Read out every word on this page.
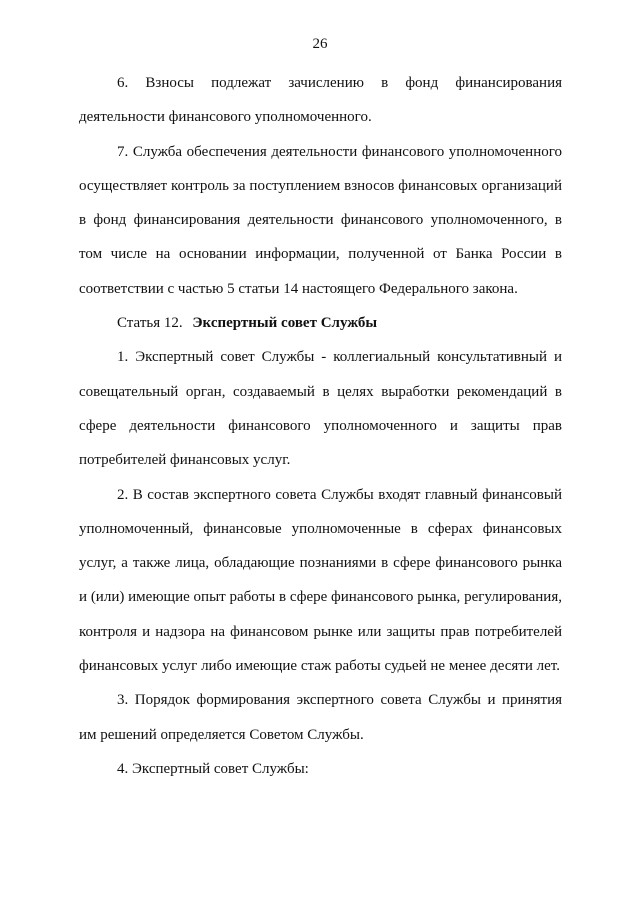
26

6. Взносы подлежат зачислению в фонд финансирования деятельности финансового уполномоченного.

7. Служба обеспечения деятельности финансового уполномоченного осуществляет контроль за поступлением взносов финансовых организаций в фонд финансирования деятельности финансового уполномоченного, в том числе на основании информации, полученной от Банка России в соответствии с частью 5 статьи 14 настоящего Федерального закона.

Статья 12. Экспертный совет Службы

1. Экспертный совет Службы - коллегиальный консультативный и совещательный орган, создаваемый в целях выработки рекомендаций в сфере деятельности финансового уполномоченного и защиты прав потребителей финансовых услуг.

2. В состав экспертного совета Службы входят главный финансовый уполномоченный, финансовые уполномоченные в сферах финансовых услуг, а также лица, обладающие познаниями в сфере финансового рынка и (или) имеющие опыт работы в сфере финансового рынка, регулирования, контроля и надзора на финансовом рынке или защиты прав потребителей финансовых услуг либо имеющие стаж работы судьей не менее десяти лет.

3. Порядок формирования экспертного совета Службы и принятия им решений определяется Советом Службы.

4. Экспертный совет Службы:
